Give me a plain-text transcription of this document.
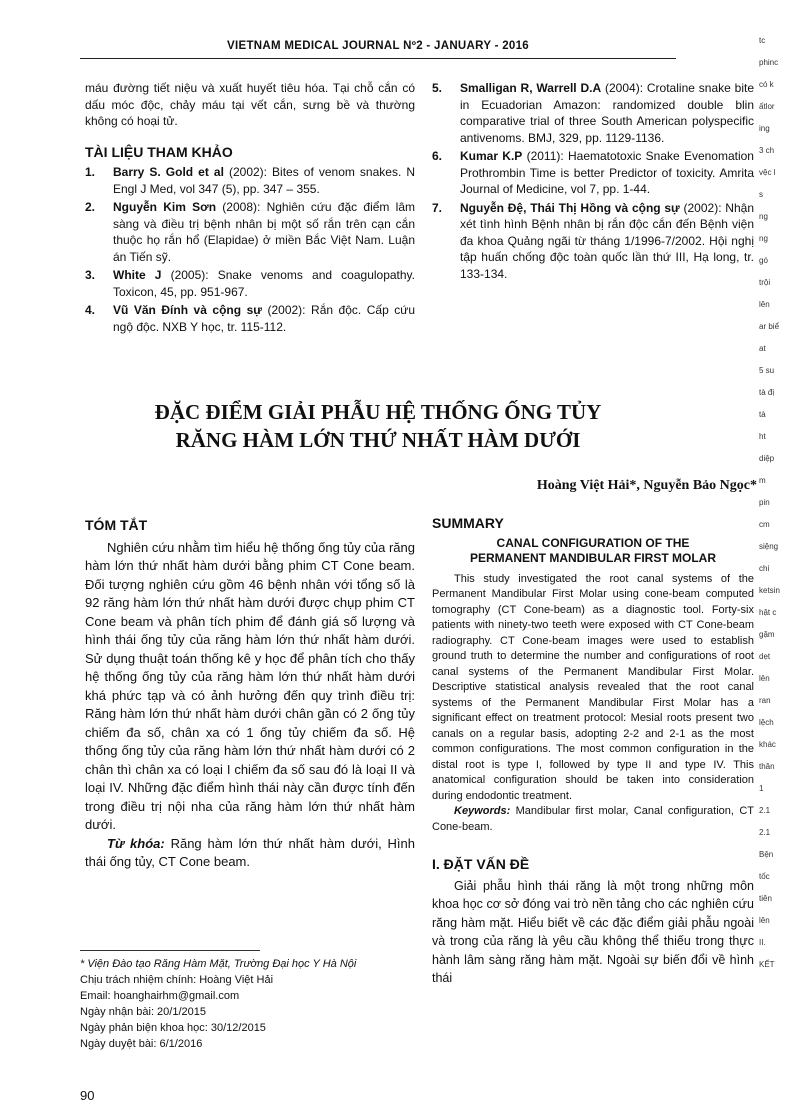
VIETNAM MEDICAL JOURNAL Nº2 - JANUARY - 2016

máu đường tiết niệu và xuất huyết tiêu hóa. Tại chỗ cắn có dấu móc độc, chảy máu tại vết cắn, sưng bề và thường không có hoại tử.

TÀI LIỆU THAM KHẢO
1. Barry S. Gold et al (2002): Bites of venom snakes. N Engl J Med, vol 347 (5), pp. 347 – 355.
2. Nguyễn Kim Sơn (2008): Nghiên cứu đặc điểm lâm sàng và điều trị bệnh nhân bị một số rắn trên cạn cắn thuộc họ rắn hổ (Elapidae) ở miền Bắc Việt Nam. Luận án Tiến sỹ.
3. White J (2005): Snake venoms and coagulopathy. Toxicon, 45, pp. 951-967.
4. Vũ Văn Đính và cộng sự (2002): Rắn độc. Cấp cứu ngộ độc. NXB Y học, tr. 115-112.
5. Smalligan R, Warrell D.A (2004): Crotaline snake bite in Ecuadorian Amazon: randomized double blin comparative trial of three South American polyspecific antivenoms. BMJ, 329, pp. 1129-1136.
6. Kumar K.P (2011): Haematotoxic Snake Evenomation Prothrombin Time is better Predictor of toxicity. Amrita Journal of Medicine, vol 7, pp. 1-44.
7. Nguyễn Đệ, Thái Thị Hồng và cộng sự (2002): Nhận xét tình hình Bệnh nhân bị rắn độc cắn đến Bệnh viện đa khoa Quảng ngãi từ tháng 1/1996-7/2002. Hội nghị tập huấn chống độc toàn quốc lần thứ III, Hạ long, tr. 133-134.
ĐẶC ĐIỂM GIẢI PHẪU HỆ THỐNG ỐNG TỦY
RĂNG HÀM LỚN THỨ NHẤT HÀM DƯỚI
Hoàng Việt Hải*, Nguyễn Bảo Ngọc*
TÓM TẮT

Nghiên cứu nhằm tìm hiểu hệ thống ống tủy của răng hàm lớn thứ nhất hàm dưới bằng phim CT Cone beam. Đối tượng nghiên cứu gồm 46 bệnh nhân với tổng số là 92 răng hàm lớn thứ nhất hàm dưới được chụp phim CT Cone beam và phân tích phim để đánh giá số lượng và hình thái ống tủy của răng hàm lớn thứ nhất hàm dưới. Sử dụng thuật toán thống kê y học để phân tích cho thấy hệ thống ống tủy của răng hàm lớn thứ nhất hàm dưới khá phức tạp và có ảnh hưởng đến quy trình điều trị: Răng hàm lớn thứ nhất hàm dưới chân gần có 2 ống tủy chiếm đa số, chân xa có 1 ống tủy chiếm đa số. Hệ thống ống tủy của răng hàm lớn thứ nhất hàm dưới có 2 chân thì chân xa có loại I chiếm đa số sau đó là loại II và loại IV. Những đặc điểm hình thái này cần được tính đến trong điều trị nội nha của răng hàm lớn thứ nhất hàm dưới.

Từ khóa: Răng hàm lớn thứ nhất hàm dưới, Hình thái ống tủy, CT Cone beam.

SUMMARY
CANAL CONFIGURATION OF THE
PERMANENT MANDIBULAR FIRST MOLAR

This study investigated the root canal systems of the Permanent Mandibular First Molar using cone-beam computed tomography (CT Cone-beam) as a diagnostic tool. Forty-six patients with ninety-two teeth were exposed with CT Cone-beam radiography. CT Cone-beam images were used to establish ground truth to determine the number and configurations of root canal systems of the Permanent Mandibular First Molar. Descriptive statistical analysis revealed that the root canal systems of the Permanent Mandibular First Molar has a significant effect on treatment protocol: Mesial roots present two canals on a regular basis, adopting 2-2 and 2-1 as the most common configurations. The most common configuration in the distal root is type I, followed by type II and type IV. This anatomical configuration should be taken into consideration during endodontic treatment.

Keywords: Mandibular first molar, Canal configuration, CT Cone-beam.

I. ĐẶT VẤN ĐỀ

Giải phẫu hình thái răng là một trong những môn khoa học cơ sở đóng vai trò nền tảng cho các nghiên cứu răng hàm mặt. Hiểu biết về các đặc điểm giải phẫu ngoài và trong của răng là yêu cầu không thể thiếu trong thực hành lâm sàng răng hàm mặt. Ngoài sự biến đổi về hình thái

* Viện Đào tạo Răng Hàm Mặt, Trường Đại học Y Hà Nội
Chịu trách nhiệm chính: Hoàng Việt Hải
Email: hoanghairhm@gmail.com
Ngày nhận bài: 20/1/2015
Ngày phản biện khoa học: 30/12/2015
Ngày duyệt bài: 6/1/2016
90
tc
phinc
có k
ấtlor
ing
3 ch
vệc l
s
ng
ng
gó
trội
lên
ar biể
at
5 su
tà đị
tà
ht
diệp
m
pin
cm
siệng
chi
ketsin
hật c
gặm
dẹt
lên
ran
lệch
khác
thân
1
2.1
2.1
Bện
tốc
tiên
lên
II.
KẾT
